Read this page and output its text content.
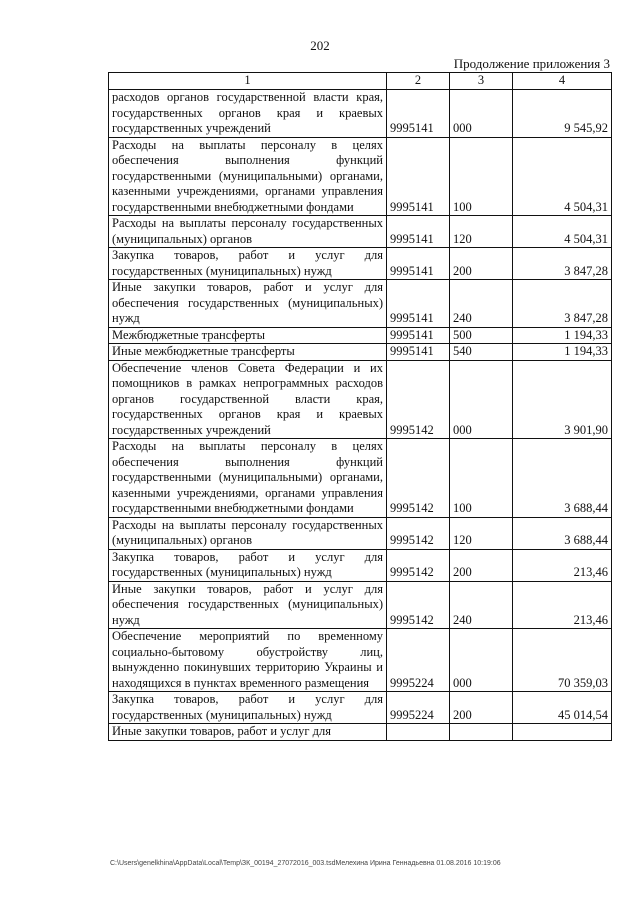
202
Продолжение приложения 3
1	2	3	4
расходов органов государственной власти края, государственных органов края и краевых государственных учреждений	9995141	000	9 545,92
Расходы на выплаты персоналу в целях обеспечения выполнения функций государственными (муниципальными) органами, казенными учреждениями, органами управления государственными внебюджетными фондами	9995141	100	4 504,31
Расходы на выплаты персоналу государственных (муниципальных) органов	9995141	120	4 504,31
Закупка товаров, работ и услуг для государственных (муниципальных) нужд	9995141	200	3 847,28
Иные закупки товаров, работ и услуг для обеспечения государственных (муниципальных) нужд	9995141	240	3 847,28
Межбюджетные трансферты	9995141	500	1 194,33
Иные межбюджетные трансферты	9995141	540	1 194,33
Обеспечение членов Совета Федерации и их помощников в рамках непрограммных расходов органов государственной власти края, государственных органов края и краевых государственных учреждений	9995142	000	3 901,90
Расходы на выплаты персоналу в целях обеспечения выполнения функций государственными (муниципальными) органами, казенными учреждениями, органами управления государственными внебюджетными фондами	9995142	100	3 688,44
Расходы на выплаты персоналу государственных (муниципальных) органов	9995142	120	3 688,44
Закупка товаров, работ и услуг для государственных (муниципальных) нужд	9995142	200	213,46
Иные закупки товаров, работ и услуг для обеспечения государственных (муниципальных) нужд	9995142	240	213,46
Обеспечение мероприятий по временному социально-бытовому обустройству лиц, вынужденно покинувших территорию Украины и находящихся в пунктах временного размещения	9995224	000	70 359,03
Закупка товаров, работ и услуг для государственных (муниципальных) нужд	9995224	200	45 014,54
Иные закупки товаров, работ и услуг для			
C:\Users\genelkhina\AppData\Local\Temp\ЗК_00194_27072016_003.tsdМелехина Ирина Геннадьевна 01.08.2016 10:19:06
